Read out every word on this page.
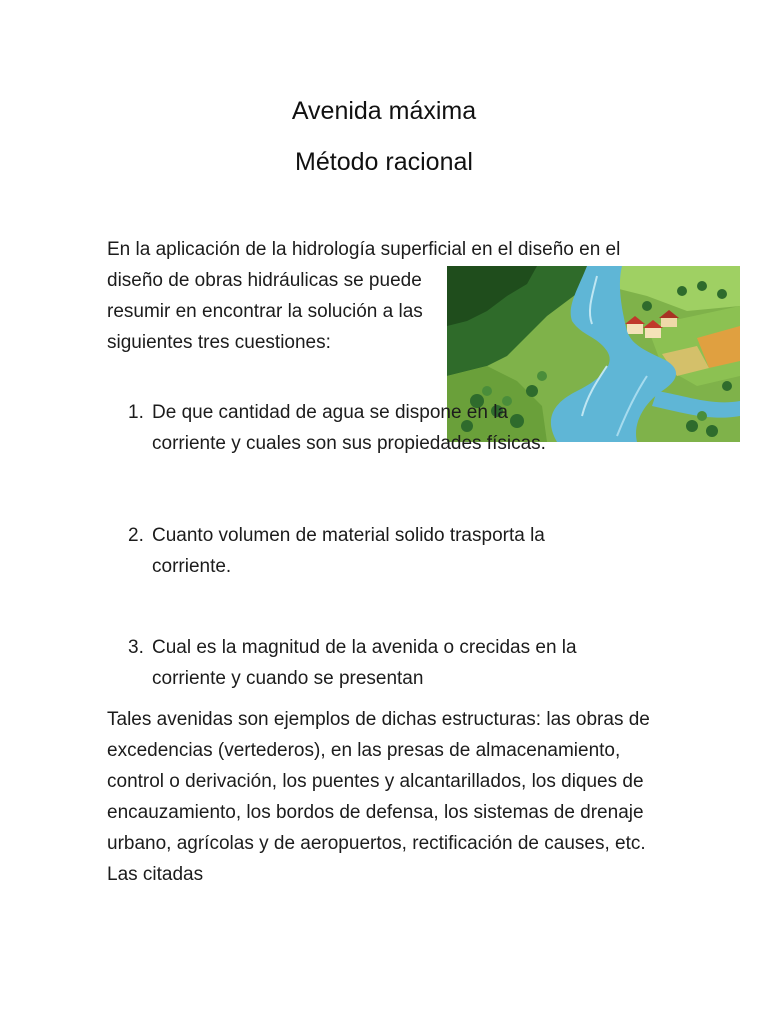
Avenida máxima
Método racional

En la aplicación de la hidrología superficial en el diseño en el

diseño de obras hidráulicas se puede resumir en encontrar la solución a las siguientes tres cuestiones:

1. De que cantidad de agua se dispone en la corriente y cuales son sus propiedades físicas.
2. Cuanto volumen de material solido trasporta la corriente.
3. Cual es la magnitud de la avenida o crecidas en la corriente y cuando se presentan

Tales avenidas son ejemplos de dichas estructuras: las obras de excedencias (vertederos), en las presas de almacenamiento, control o derivación, los puentes y alcantarillados, los diques de encauzamiento, los bordos de defensa, los sistemas de drenaje urbano, agrícolas y de aeropuertos, rectificación de causes, etc. Las citadas
